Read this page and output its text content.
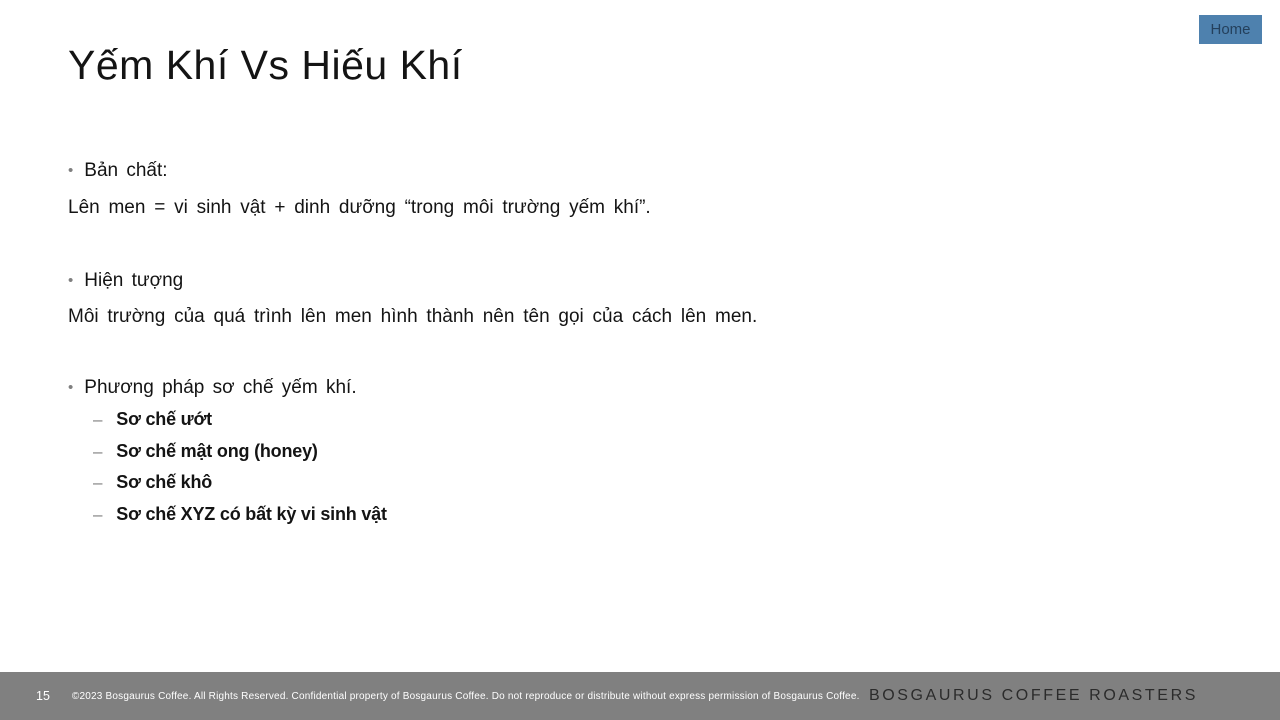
Home
Yếm Khí Vs Hiếu Khí
• Bản chất:
Lên men = vi sinh vật + dinh dưỡng “trong môi trường yếm khí”.
• Hiện tượng
Môi trường của quá trình lên men hình thành nên tên gọi của cách lên men.
• Phương pháp sơ chế yếm khí.
– Sơ chế ướt
– Sơ chế mật ong (honey)
– Sơ chế khô
– Sơ chế XYZ có bất kỳ vi sinh vật
15 ©2023 Bosgaurus Coffee. All Rights Reserved. Confidential property of Bosgaurus Coffee. Do not reproduce or distribute without express permission of Bosgaurus Coffee. BOSGAURUS COFFEE ROASTERS
